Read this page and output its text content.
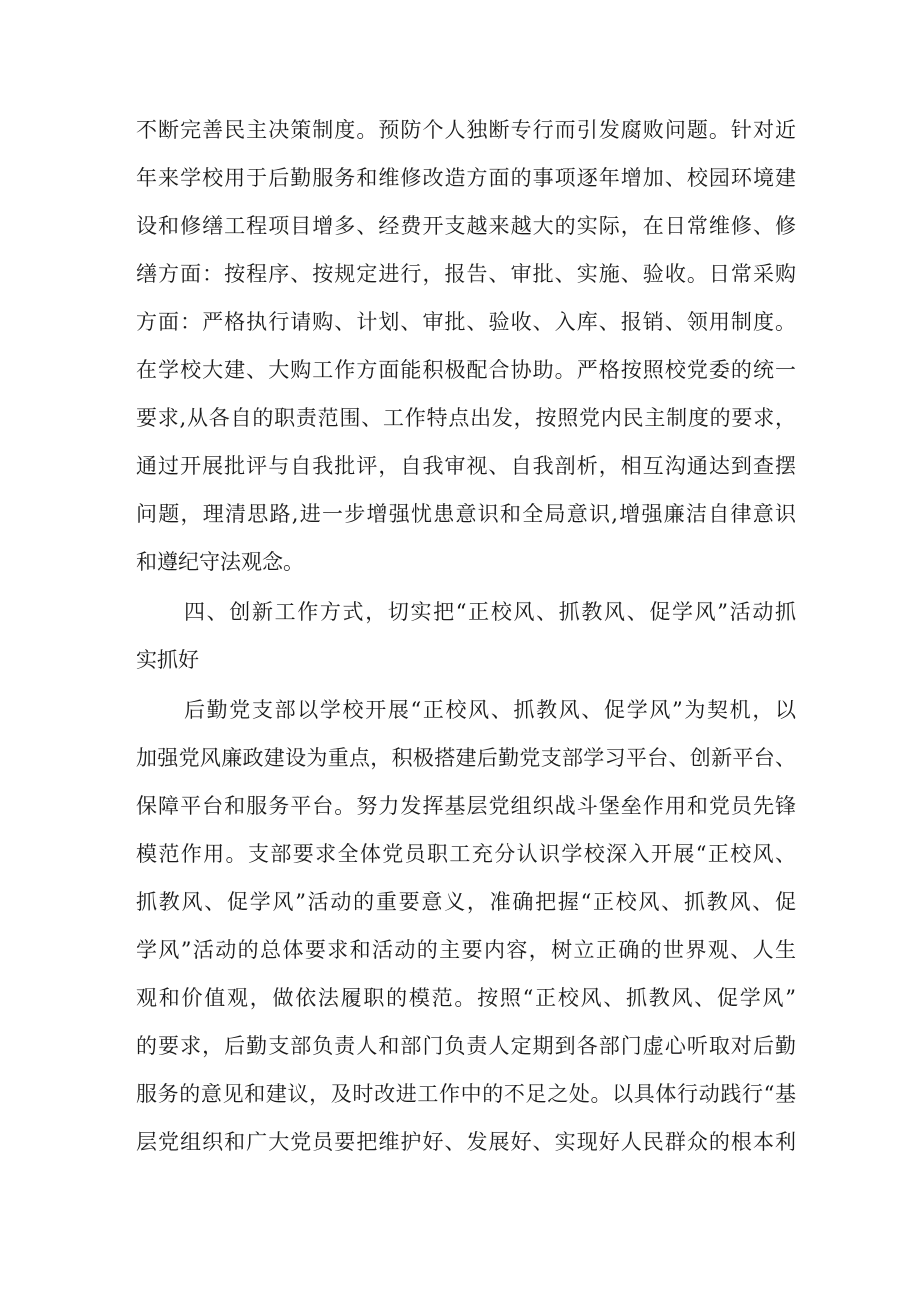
不断完善民主决策制度。预防个人独断专行而引发腐败问题。针对近
年来学校用于后勤服务和维修改造方面的事项逐年增加、校园环境建
设和修缮工程项目增多、经费开支越来越大的实际，在日常维修、修
缮方面：按程序、按规定进行，报告、审批、实施、验收。日常采购
方面：严格执行请购、计划、审批、验收、入库、报销、领用制度。
在学校大建、大购工作方面能积极配合协助。严格按照校党委的统一
要求,从各自的职责范围、工作特点出发，按照党内民主制度的要求，
通过开展批评与自我批评，自我审视、自我剖析，相互沟通达到查摆
问题，理清思路,进一步增强忧患意识和全局意识,增强廉洁自律意识
和遵纪守法观念。
四、创新工作方式，切实把“正校风、抓教风、促学风”活动抓
实抓好
后勤党支部以学校开展“正校风、抓教风、促学风”为契机，以
加强党风廉政建设为重点，积极搭建后勤党支部学习平台、创新平台、
保障平台和服务平台。努力发挥基层党组织战斗堡垒作用和党员先锋
模范作用。支部要求全体党员职工充分认识学校深入开展“正校风、
抓教风、促学风”活动的重要意义，准确把握“正校风、抓教风、促
学风”活动的总体要求和活动的主要内容，树立正确的世界观、人生
观和价值观，做依法履职的模范。按照“正校风、抓教风、促学风”
的要求，后勤支部负责人和部门负责人定期到各部门虚心听取对后勤
服务的意见和建议，及时改进工作中的不足之处。以具体行动践行“基
层党组织和广大党员要把维护好、发展好、实现好人民群众的根本利
